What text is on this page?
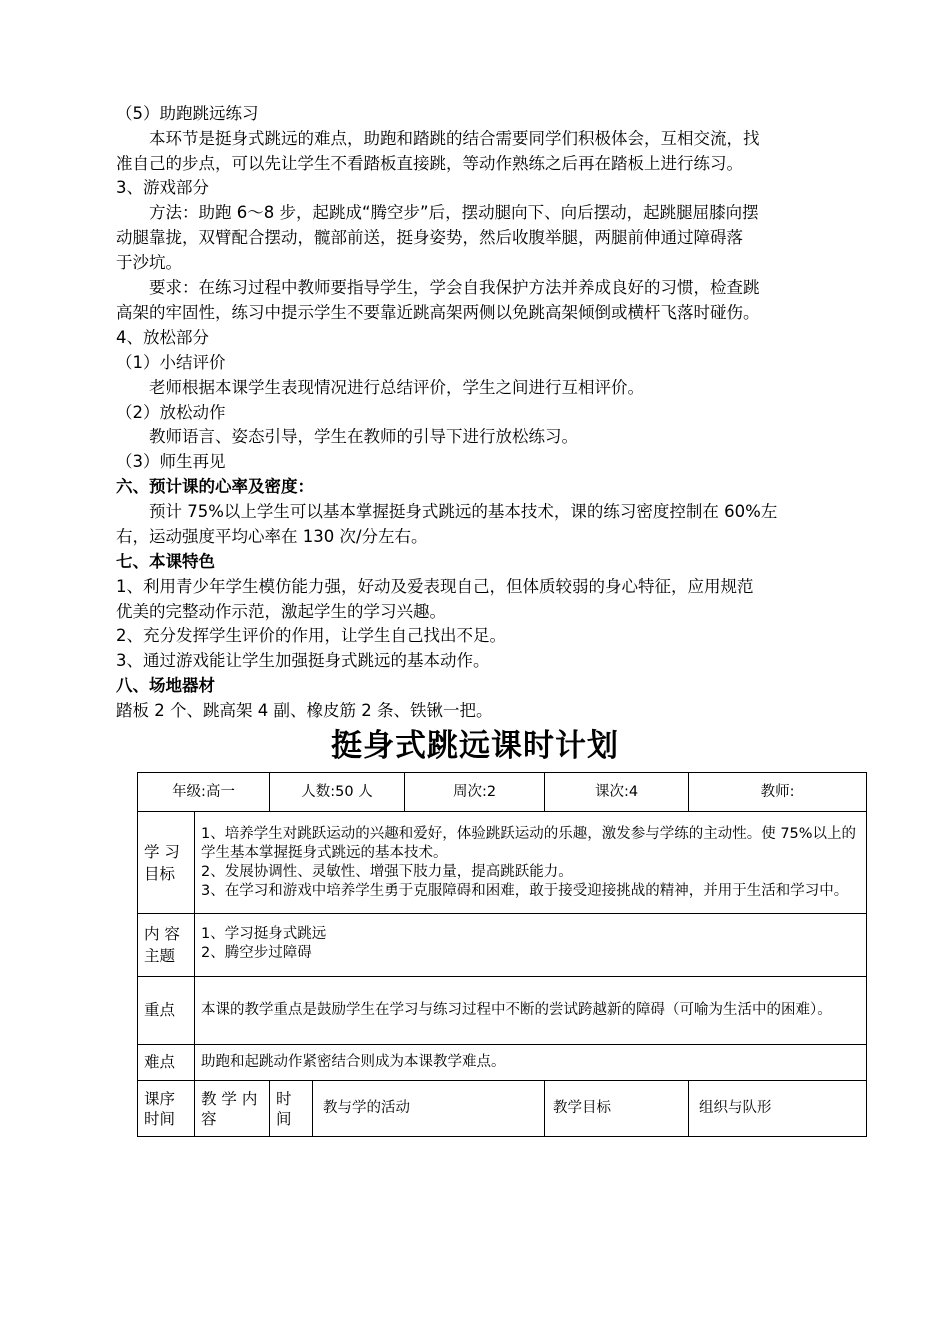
（5）助跑跳远练习
　　本环节是挺身式跳远的难点，助跑和踏跳的结合需要同学们积极体会，互相交流，找
准自己的步点，可以先让学生不看踏板直接跳，等动作熟练之后再在踏板上进行练习。
3、游戏部分
　　方法：助跑 6～8 步，起跳成“腾空步”后，摆动腿向下、向后摆动，起跳腿屈膝向摆
动腿靠拢，双臂配合摆动，髋部前送，挺身姿势，然后收腹举腿，两腿前伸通过障碍落
于沙坑。
　　要求：在练习过程中教师要指导学生，学会自我保护方法并养成良好的习惯，检查跳
高架的牢固性，练习中提示学生不要靠近跳高架两侧以免跳高架倾倒或横杆飞落时碰伤。
4、放松部分
（1）小结评价
　　老师根据本课学生表现情况进行总结评价，学生之间进行互相评价。
（2）放松动作
　　教师语言、姿态引导，学生在教师的引导下进行放松练习。
（3）师生再见
六、预计课的心率及密度：
　　预计 75%以上学生可以基本掌握挺身式跳远的基本技术，课的练习密度控制在 60%左
右，运动强度平均心率在 130 次/分左右。
七、本课特色
1、利用青少年学生模仿能力强，好动及爱表现自己，但体质较弱的身心特征，应用规范
优美的完整动作示范，激起学生的学习兴趣。
2、充分发挥学生评价的作用，让学生自己找出不足。
3、通过游戏能让学生加强挺身式跳远的基本动作。
八、场地器材
踏板 2 个、跳高架 4 副、橡皮筋 2 条、铁锹一把。
挺身式跳远课时计划
年级:高一		人数:50 人		周次:2	课次:4	教师:
学 习 目标	1、培养学生对跳跃运动的兴趣和爱好，体验跳跃运动的乐趣，激发参与学练的主动性。使 75%以上的学生基本掌握挺身式跳远的基本技术。
2、发展协调性、灵敏性、增强下肢力量，提高跳跃能力。
3、在学习和游戏中培养学生勇于克服障碍和困难，敢于接受迎接挑战的精神，并用于生活和学习中。					

内 容 主题	1、学习挺身式跳远
2、腾空步过障碍					

重点	本课的教学重点是鼓励学生在学习与练习过程中不断的尝试跨越新的障碍（可喻为生活中的困难）。					
难点	助跑和起跳动作紧密结合则成为本课教学难点。					
课序 时间	教 学 内 容	时 间	教与学的活动		教学目标	组织与队形
